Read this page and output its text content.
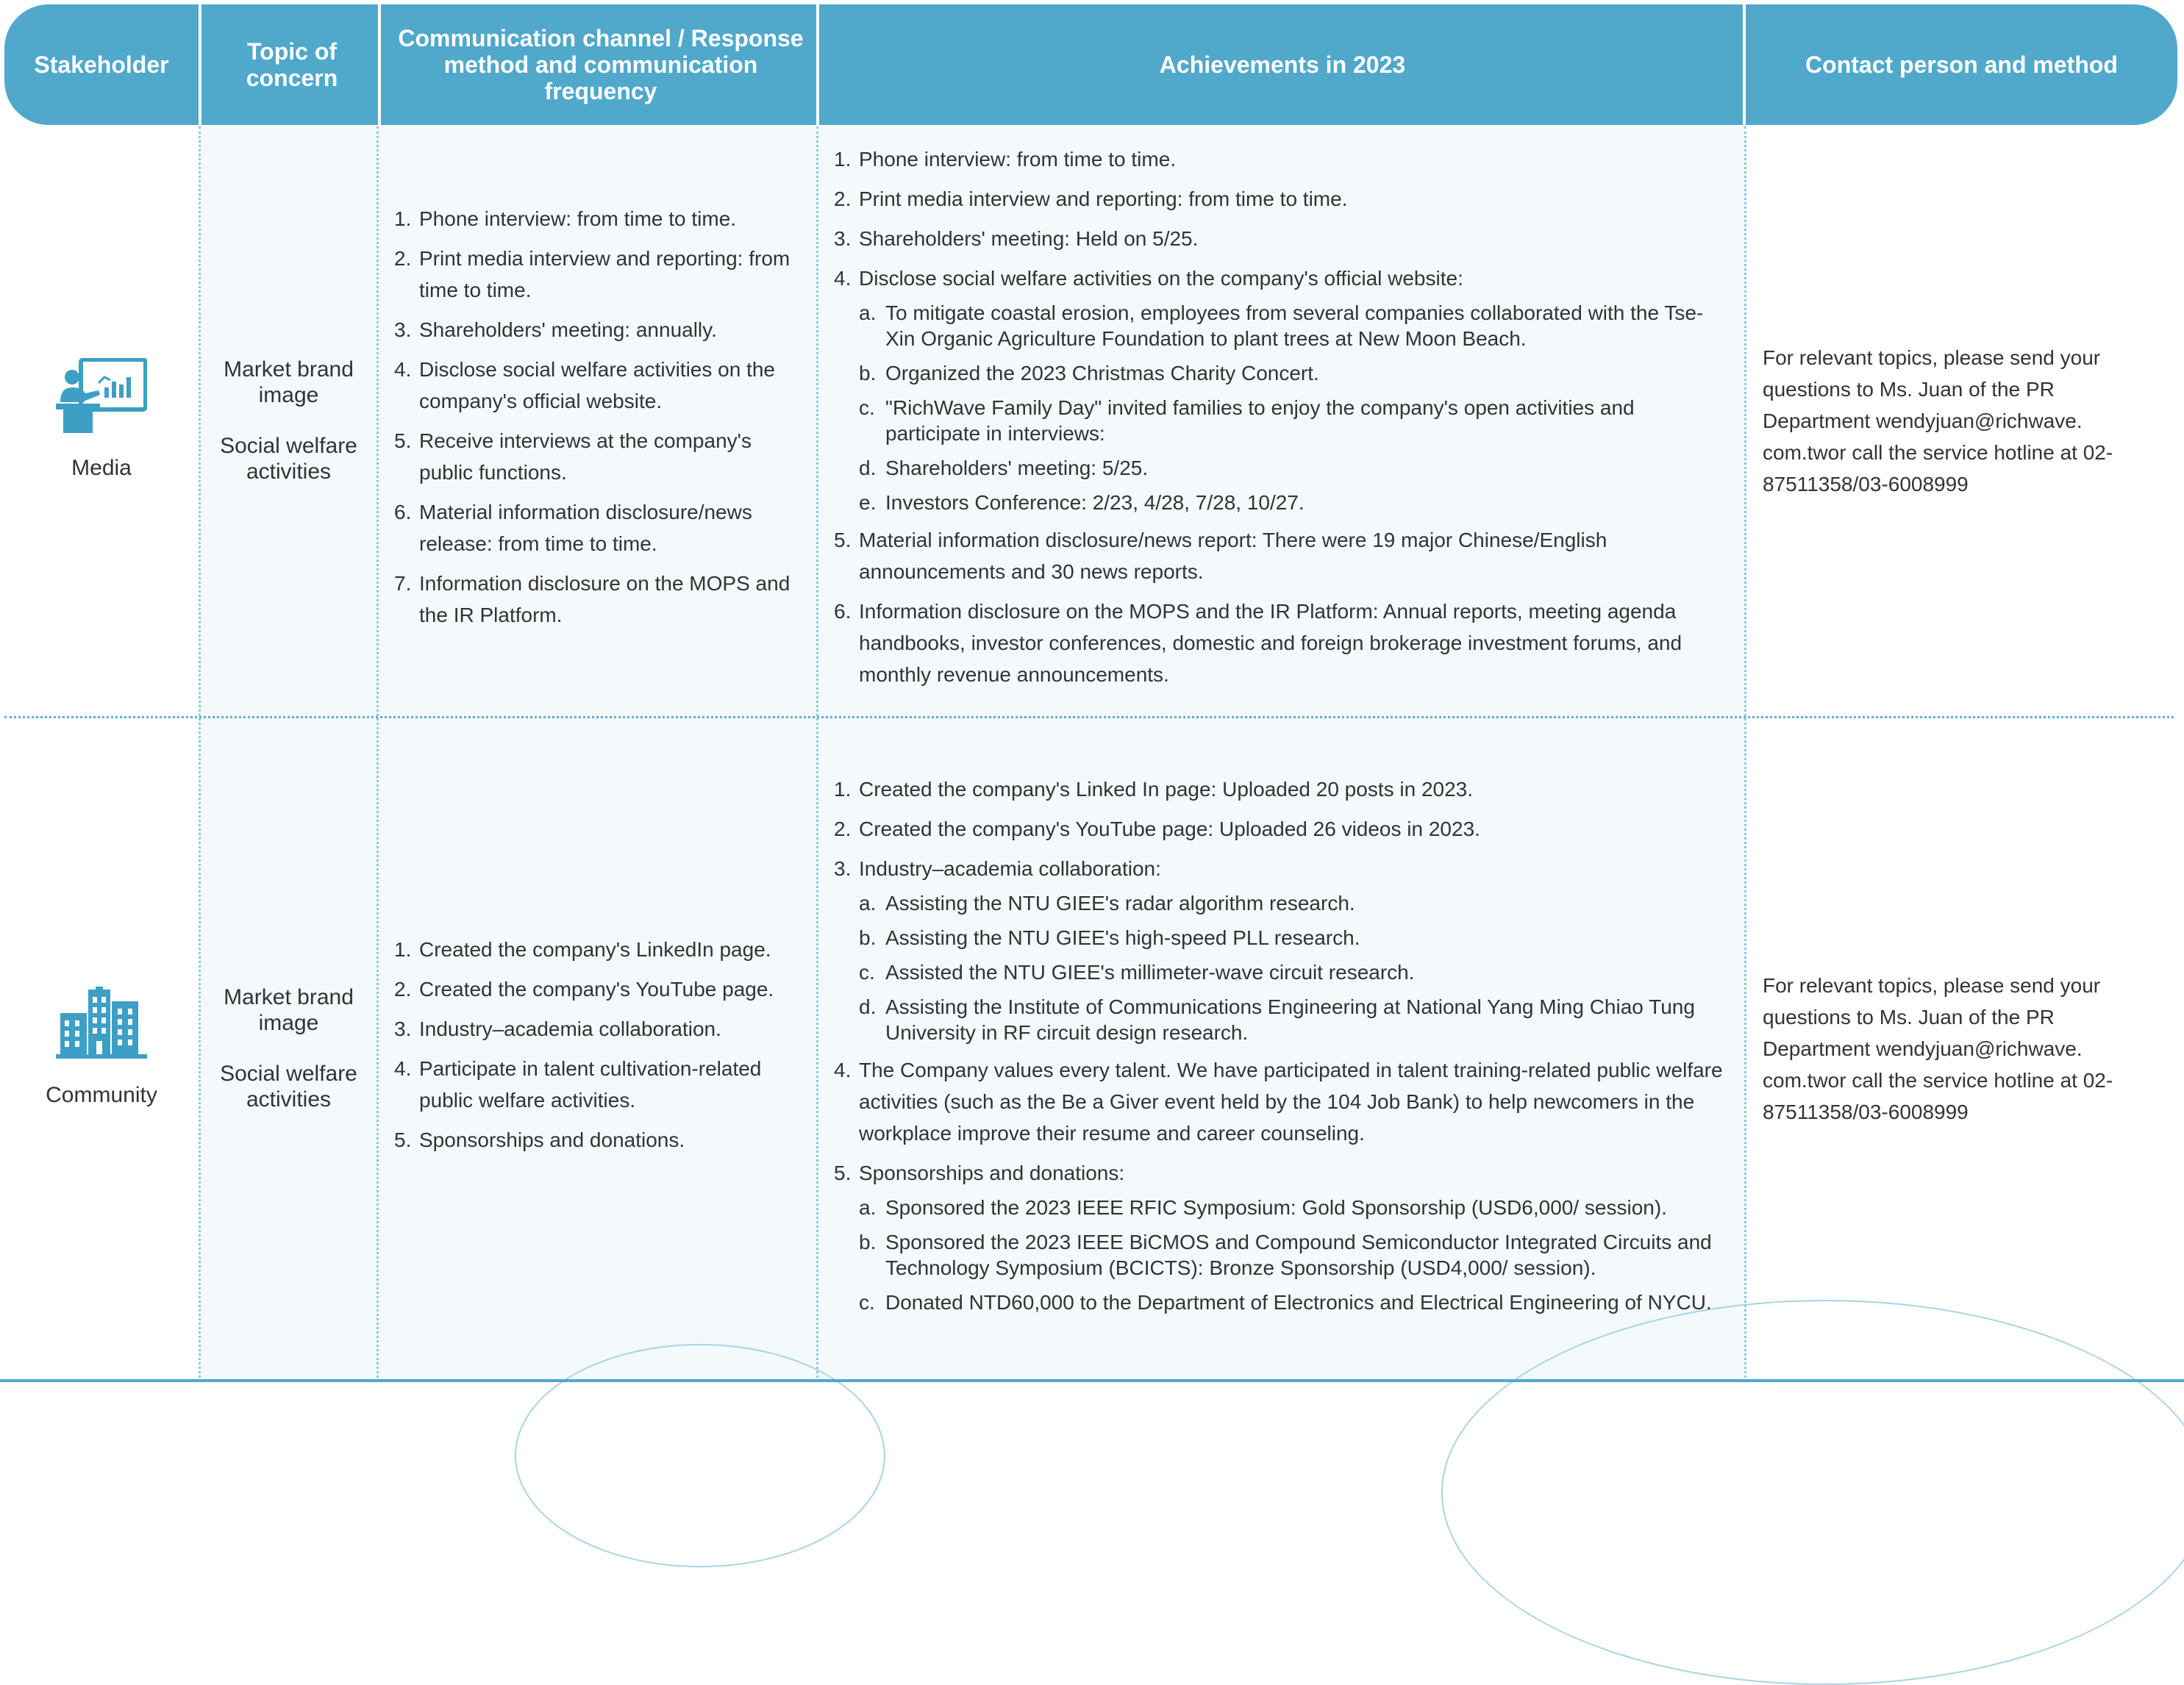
Stakeholder	Topic of concern
Communication channel / Response method and communication frequency
Achievements in 2023	Contact person and method
Media
Market brand image
Social welfare activities
1. Phone interview: from time to time.
2. Print media interview and reporting: from time to time.
3. Shareholders' meeting: annually.
4. Disclose social welfare activities on the company's official website.
5. Receive interviews at the company's public functions.
6. Material information disclosure/news release: from time to time.
7. Information disclosure on the MOPS and the IR Platform.
1. Phone interview: from time to time.
2. Print media interview and reporting: from time to time.
3. Shareholders' meeting: Held on 5/25.
4. Disclose social welfare activities on the company's official website:
a. To mitigate coastal erosion, employees from several companies collaborated with the Tse-Xin Organic Agriculture Foundation to plant trees at New Moon Beach.
b. Organized the 2023 Christmas Charity Concert.
c. "RichWave Family Day" invited families to enjoy the company's open activities and participate in interviews:
d. Shareholders' meeting: 5/25.
e. Investors Conference: 2/23, 4/28, 7/28, 10/27.
5. Material information disclosure/news report: There were 19 major Chinese/English announcements and 30 news reports.
6. Information disclosure on the MOPS and the IR Platform: Annual reports, meeting agenda handbooks, investor conferences, domestic and foreign brokerage investment forums, and monthly revenue announcements.
For relevant topics, please send your questions to Ms. Juan of the PR Department wendyjuan@richwave. com.twor call the service hotline at 02-87511358/03-6008999
Community
Market brand image
Social welfare activities
1. Created the company's LinkedIn page.
2. Created the company's YouTube page.
3. Industry–academia collaboration.
4. Participate in talent cultivation-related public welfare activities.
5. Sponsorships and donations.
1. Created the company's Linked In page: Uploaded 20 posts in 2023.
2. Created the company's YouTube page: Uploaded 26 videos in 2023.
3. Industry–academia collaboration:
a. Assisting the NTU GIEE's radar algorithm research.
b. Assisting the NTU GIEE's high-speed PLL research.
c. Assisted the NTU GIEE's millimeter-wave circuit research.
d. Assisting the Institute of Communications Engineering at National Yang Ming Chiao Tung University in RF circuit design research.
4. The Company values every talent. We have participated in talent training-related public welfare activities (such as the Be a Giver event held by the 104 Job Bank) to help newcomers in the workplace improve their resume and career counseling.
5. Sponsorships and donations:
a. Sponsored the 2023 IEEE RFIC Symposium: Gold Sponsorship (USD6,000/ session).
b. Sponsored the 2023 IEEE BiCMOS and Compound Semiconductor Integrated Circuits and Technology Symposium (BCICTS): Bronze Sponsorship (USD4,000/ session).
c. Donated NTD60,000 to the Department of Electronics and Electrical Engineering of NYCU.
For relevant topics, please send your questions to Ms. Juan of the PR Department wendyjuan@richwave. com.twor call the service hotline at 02-87511358/03-6008999
